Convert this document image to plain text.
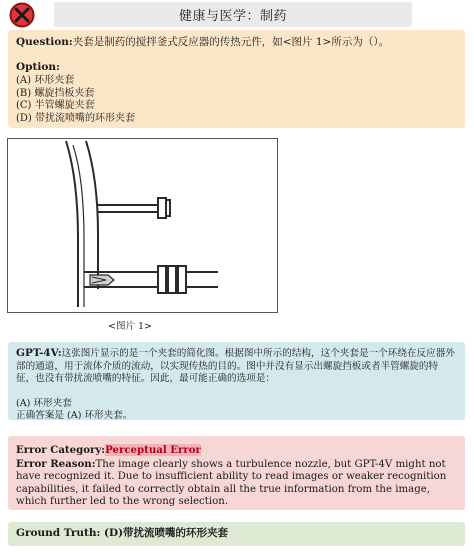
健康与医学：制药
Question:夹套是制药的搅拌釜式反应器的传热元件，如<图片 1>所示为（）。
Option:
(A) 环形夹套
(B) 螺旋挡板夹套
(C) 半管螺旋夹套
(D) 带扰流喷嘴的环形夹套
<图片 1>
GPT-4V:这张图片显示的是一个夹套的简化图。根据图中所示的结构，这个夹套是一个环绕在反应器外部的通道，用于流体介质的流动，以实现传热的目的。图中并没有显示出螺旋挡板或者半管螺旋的特征，也没有带扰流喷嘴的特征。因此，最可能正确的选项是：
(A) 环形夹套
正确答案是 (A) 环形夹套。
Error Category:Perceptual Error
Error Reason:The image clearly shows a turbulence nozzle, but GPT-4V might not have recognized it. Due to insufficient ability to read images or weaker recognition capabilities, it failed to correctly obtain all the true information from the image, which further led to the wrong selection.
Ground Truth: (D)带扰流喷嘴的环形夹套
